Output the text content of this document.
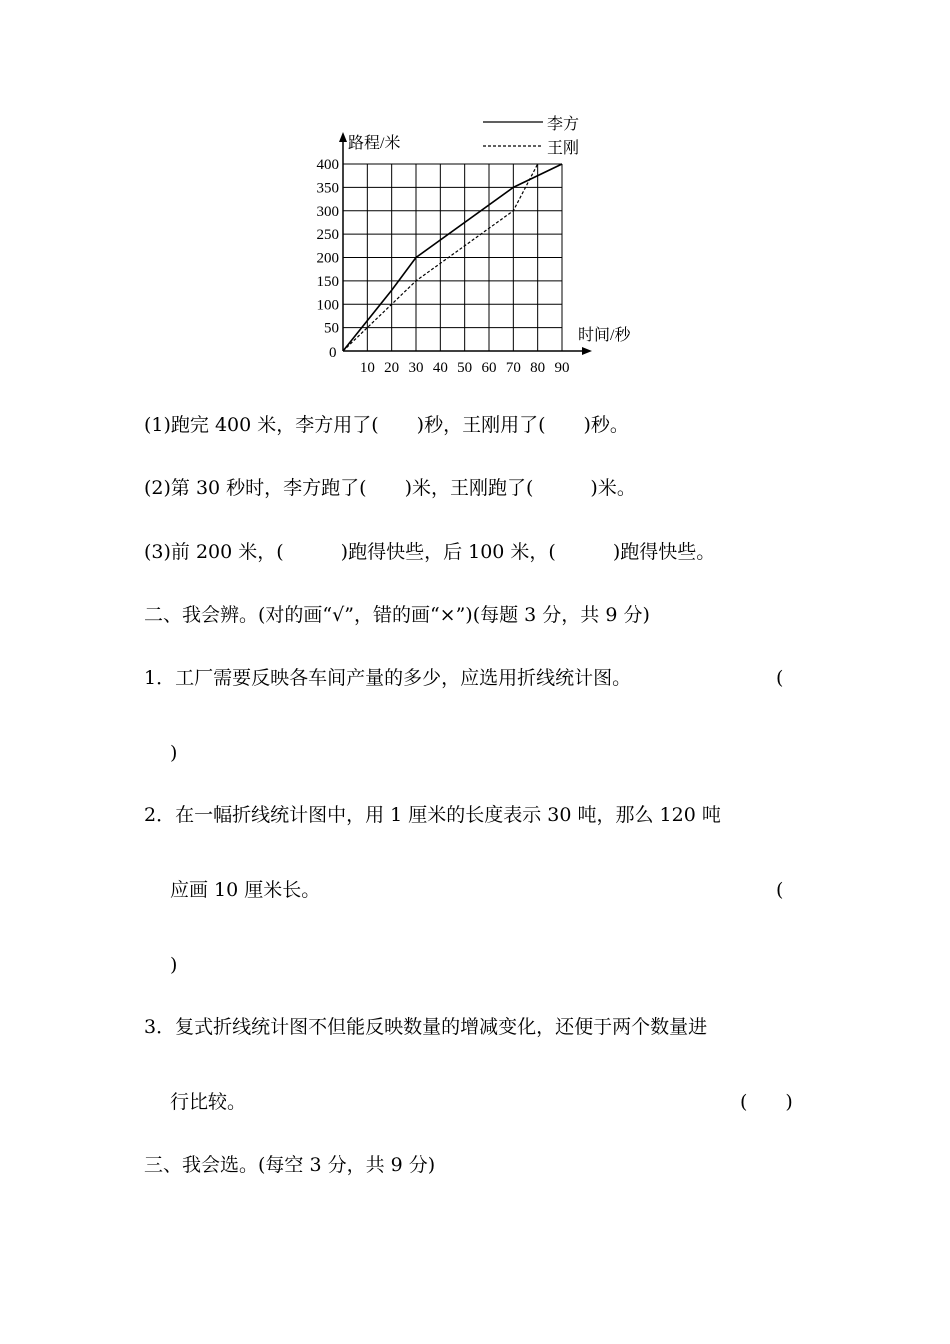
10 20 30 40 50 60 70 80 90
50
100
150
200
250
300
350
400
路程/米
时间/秒
0
李方
王刚
(1)跑完 400 米，李方用了(　　)秒，王刚用了(　　)秒。
(2)第 30 秒时，李方跑了(　　)米，王刚跑了(　　　)米。
(3)前 200 米，(　　　)跑得快些，后 100 米，(　　　)跑得快些。
二、我会辨。(对的画“√”，错的画“×”)(每题 3 分，共 9 分)
1．工厂需要反映各车间产量的多少，应选用折线统计图。	(
)
2．在一幅折线统计图中，用 1 厘米的长度表示 30 吨，那么 120 吨
应画 10 厘米长。	(
)
3．复式折线统计图不但能反映数量的增减变化，还便于两个数量进
行比较。	(　　)
三、我会选。(每空 3 分，共 9 分)
